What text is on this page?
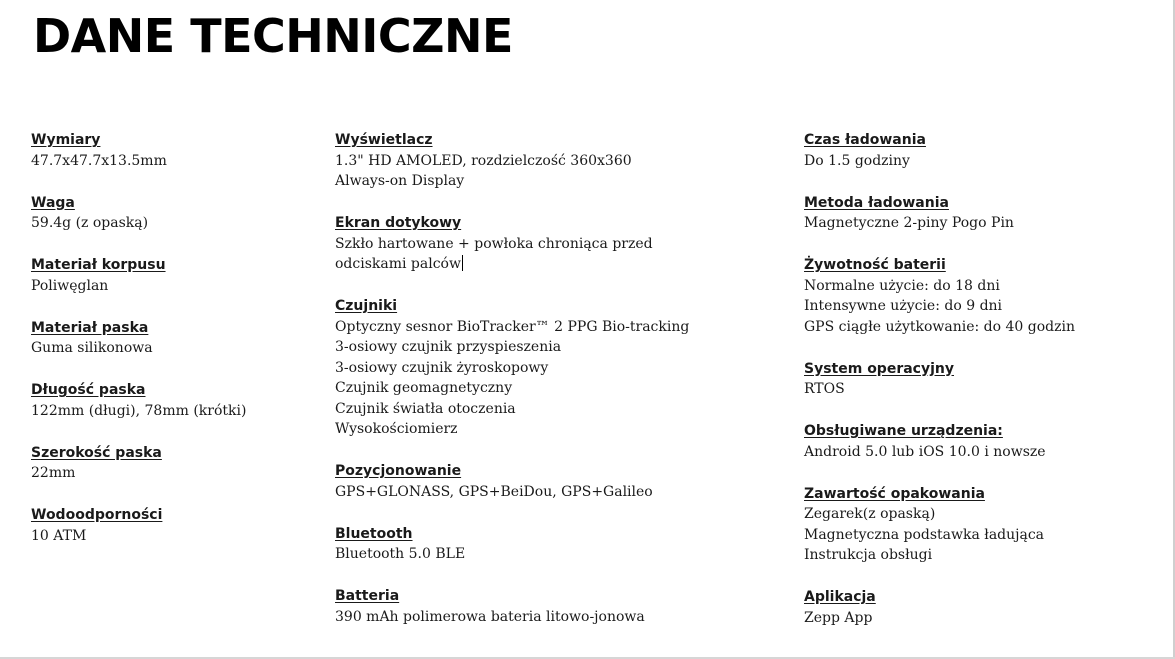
DANE TECHNICZNE
Wymiary
47.7x47.7x13.5mm
Waga
59.4g (z opaską)
Materiał korpusu
Poliwęglan
Materiał paska
Guma silikonowa
Długość paska
122mm (długi), 78mm (krótki)
Szerokość paska
22mm
Wodoodporności
10 ATM
Wyświetlacz
1.3" HD AMOLED, rozdzielczość 360x360
Always-on Display
Ekran dotykowy
Szkło hartowane + powłoka chroniąca przed
odciskami palców
Czujniki
Optyczny sesnor BioTracker™ 2 PPG Bio-tracking
3-osiowy czujnik przyspieszenia
3-osiowy czujnik żyroskopowy
Czujnik geomagnetyczny
Czujnik światła otoczenia
Wysokościomierz
Pozycjonowanie
GPS+GLONASS, GPS+BeiDou, GPS+Galileo
Bluetooth
Bluetooth 5.0 BLE
Batteria
390 mAh polimerowa bateria litowo-jonowa
Czas ładowania
Do 1.5 godziny
Metoda ładowania
Magnetyczne 2-piny Pogo Pin
Żywotność baterii
Normalne użycie: do 18 dni
Intensywne użycie: do 9 dni
GPS ciągłe użytkowanie: do 40 godzin
System operacyjny
RTOS
Obsługiwane urządzenia:
Android 5.0 lub iOS 10.0 i nowsze
Zawartość opakowania
Zegarek(z opaską)
Magnetyczna podstawka ładująca
Instrukcja obsługi
Aplikacja
Zepp App
